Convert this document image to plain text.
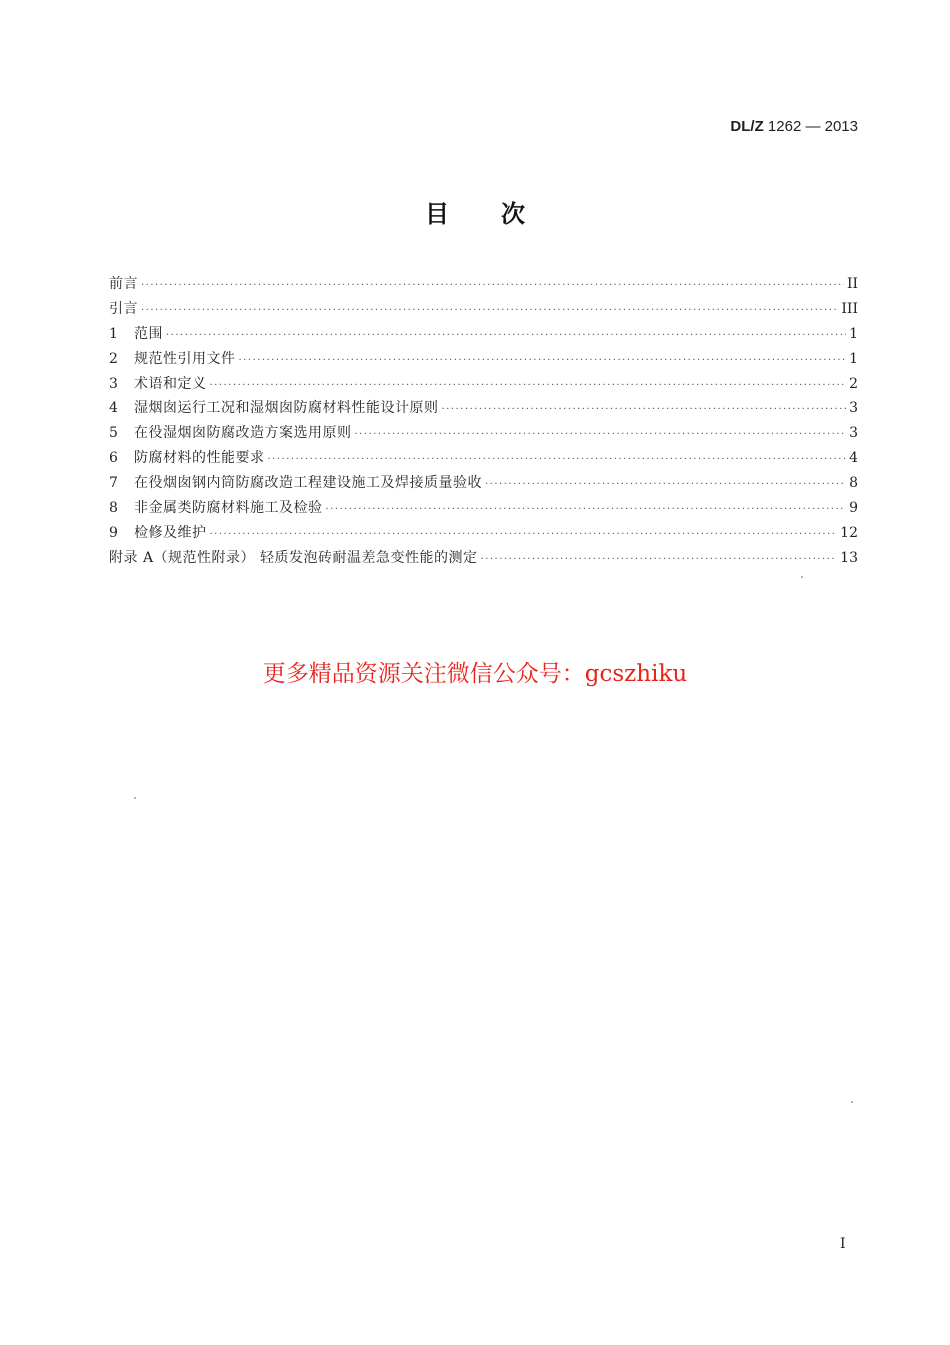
DL/Z 1262 — 2013
目次
前言 ·····	II
引言 ·····	III
1	范围 ·····	1
2	规范性引用文件 ·····	1
3	术语和定义 ·····	2
4	湿烟囱运行工况和湿烟囱防腐材料性能设计原则 ·····	3
5	在役湿烟囱防腐改造方案选用原则 ·····	3
6	防腐材料的性能要求 ·····	4
7	在役烟囱钢内筒防腐改造工程建设施工及焊接质量验收 ·····	8
8	非金属类防腐材料施工及检验 ·····	9
9	检修及维护 ·····	12
附录 A（规范性附录） 轻质发泡砖耐温差急变性能的测定 ·····	13
更多精品资源关注微信公众号：gcszhiku
I
